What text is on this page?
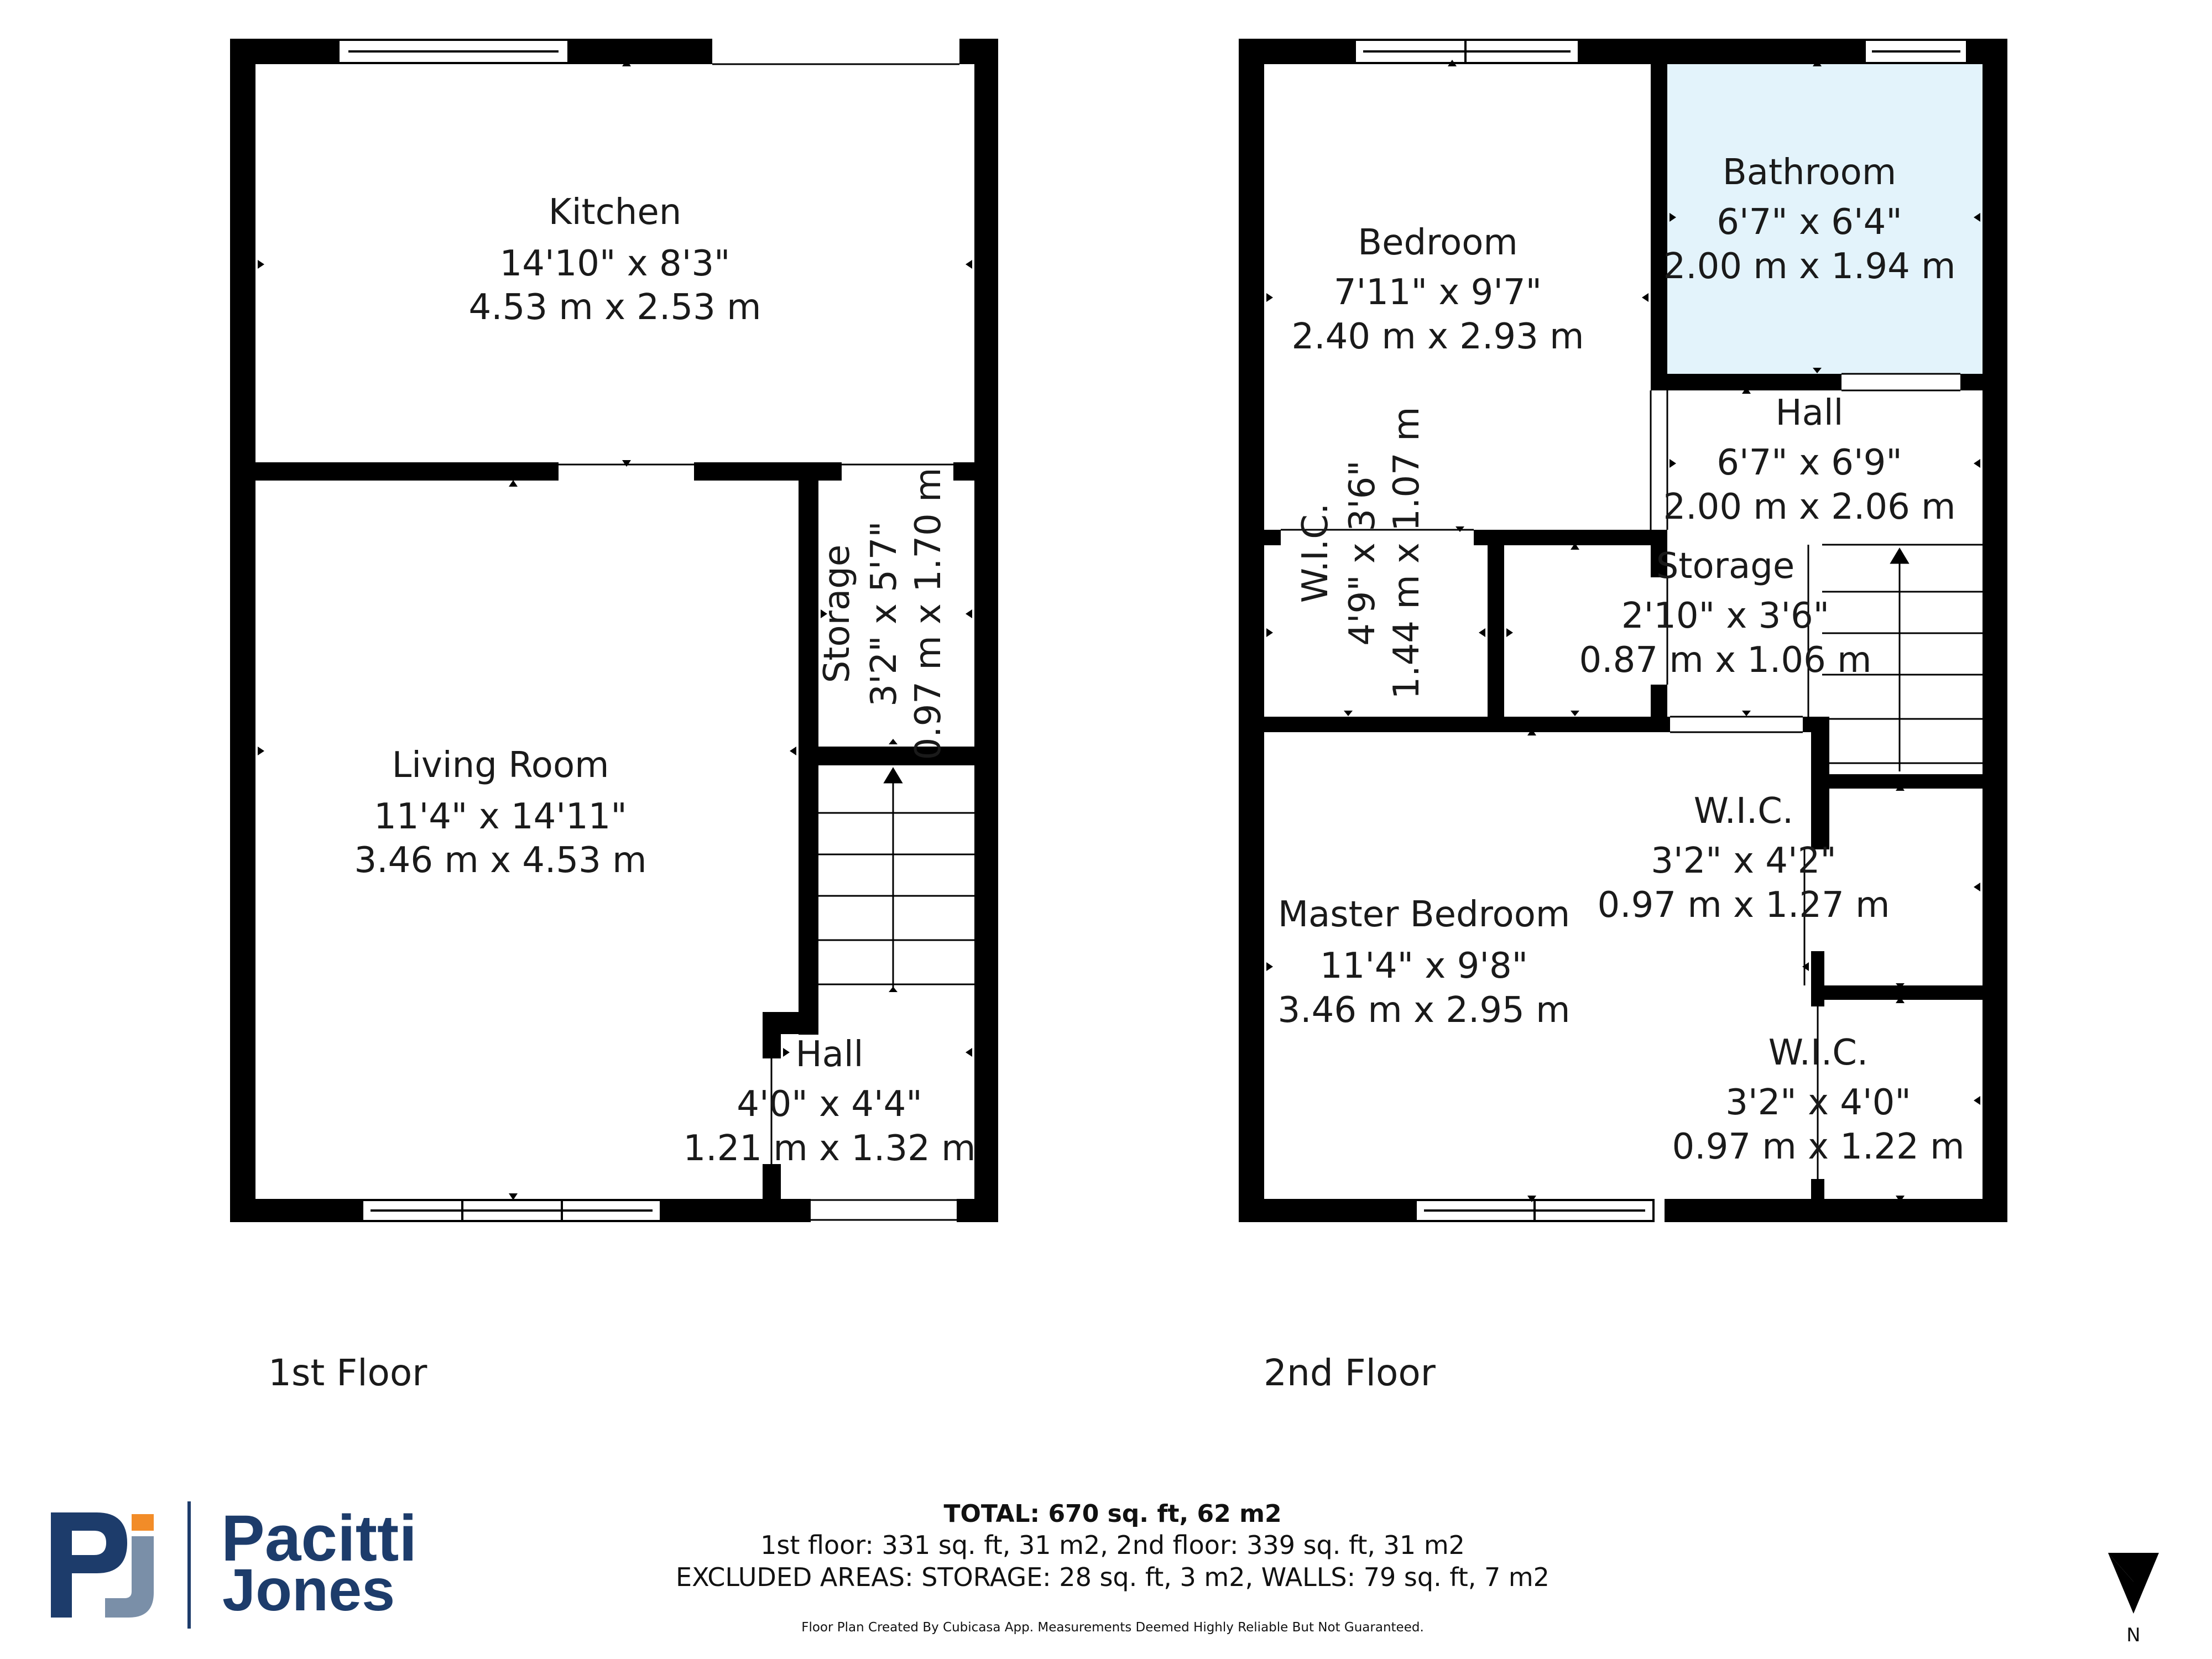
Kitchen
14'10" x 8'3"
4.53 m x 2.53 m
Living Room
11'4" x 14'11"
3.46 m x 4.53 m
Storage 3'2" x 5'7" 0.97 m x 1.70 m
Hall
4'0" x 4'4"
1.21 m x 1.32 m
1st Floor
Bedroom
7'11" x 9'7"
2.40 m x 2.93 m
Bathroom
6'7" x 6'4"
2.00 m x 1.94 m
Hall
6'7" x 6'9"
2.00 m x 2.06 m
W.I.C. 4'9" x 3'6" 1.44 m x 1.07 m	Storage
2'10" x 3'6"
0.87 m x 1.06 m
Master Bedroom
11'4" x 9'8"
3.46 m x 2.95 m
W.I.C.
3'2" x 4'2"
0.97 m x 1.27 m
W.I.C.
3'2" x 4'0"
0.97 m x 1.22 m
2nd Floor
Pacitti
Jones
TOTAL: 670 sq. ft, 62 m2
1st floor: 331 sq. ft, 31 m2, 2nd floor: 339 sq. ft, 31 m2
EXCLUDED AREAS: STORAGE: 28 sq. ft, 3 m2, WALLS: 79 sq. ft, 7 m2
Floor Plan Created By Cubicasa App. Measurements Deemed Highly Reliable But Not Guaranteed.	N
